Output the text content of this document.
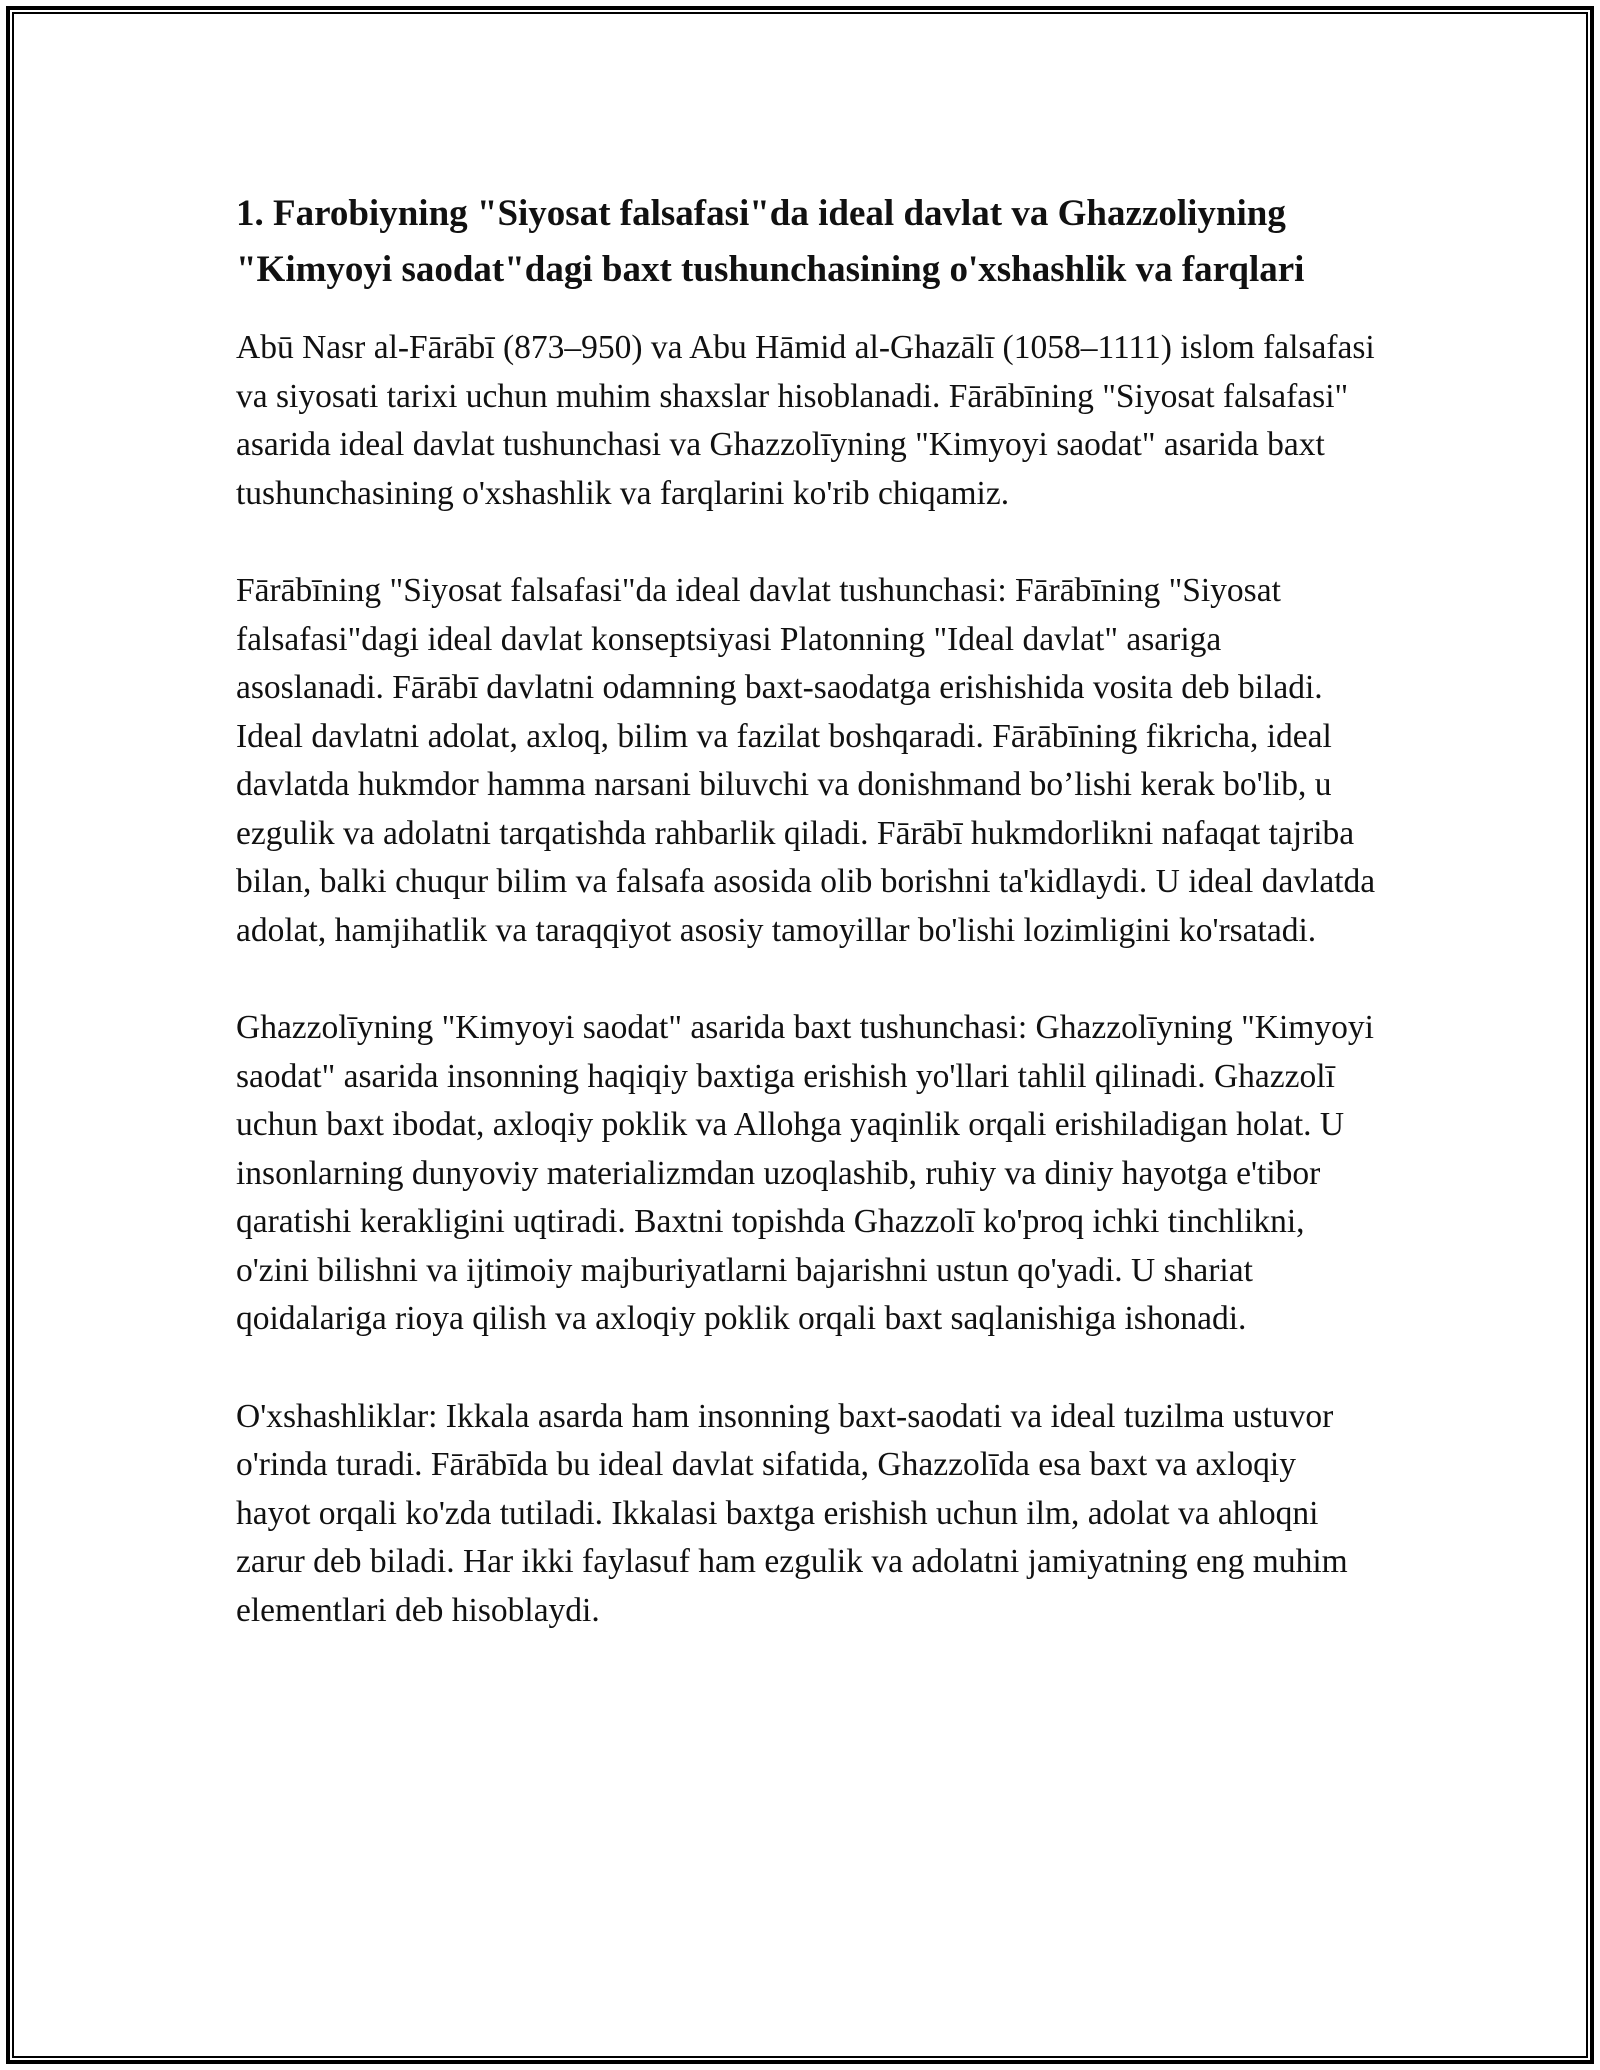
1. Farobiyning "Siyosat falsafasi"da ideal davlat va Ghazzoliyning "Kimyoyi saodat"dagi baxt tushunchasining o'xshashlik va farqlari

Abū Nasr al-Fārābī (873–950) va Abu Hāmid al-Ghazālī (1058–1111) islom falsafasi va siyosati tarixi uchun muhim shaxslar hisoblanadi. Fārābīning "Siyosat falsafasi" asarida ideal davlat tushunchasi va Ghazzolīyning "Kimyoyi saodat" asarida baxt tushunchasining o'xshashlik va farqlarini ko'rib chiqamiz.

Fārābīning "Siyosat falsafasi"da ideal davlat tushunchasi: Fārābīning "Siyosat falsafasi"dagi ideal davlat konseptsiyasi Platonning "Ideal davlat" asariga asoslanadi. Fārābī davlatni odamning baxt-saodatga erishishida vosita deb biladi. Ideal davlatni adolat, axloq, bilim va fazilat boshqaradi. Fārābīning fikricha, ideal davlatda hukmdor hamma narsani biluvchi va donishmand bo’lishi kerak bo'lib, u ezgulik va adolatni tarqatishda rahbarlik qiladi. Fārābī hukmdorlikni nafaqat tajriba bilan, balki chuqur bilim va falsafa asosida olib borishni ta'kidlaydi. U ideal davlatda adolat, hamjihatlik va taraqqiyot asosiy tamoyillar bo'lishi lozimligini ko'rsatadi.

Ghazzolīyning "Kimyoyi saodat" asarida baxt tushunchasi: Ghazzolīyning "Kimyoyi saodat" asarida insonning haqiqiy baxtiga erishish yo'llari tahlil qilinadi. Ghazzolī uchun baxt ibodat, axloqiy poklik va Allohga yaqinlik orqali erishiladigan holat. U insonlarning dunyoviy materializmdan uzoqlashib, ruhiy va diniy hayotga e'tibor qaratishi kerakligini uqtiradi. Baxtni topishda Ghazzolī ko'proq ichki tinchlikni, o'zini bilishni va ijtimoiy majburiyatlarni bajarishni ustun qo'yadi. U shariat qoidalariga rioya qilish va axloqiy poklik orqali baxt saqlanishiga ishonadi.

O'xshashliklar: Ikkala asarda ham insonning baxt-saodati va ideal tuzilma ustuvor o'rinda turadi. Fārābīda bu ideal davlat sifatida, Ghazzolīda esa baxt va axloqiy hayot orqali ko'zda tutiladi. Ikkalasi baxtga erishish uchun ilm, adolat va ahloqni zarur deb biladi. Har ikki faylasuf ham ezgulik va adolatni jamiyatning eng muhim elementlari deb hisoblaydi.
